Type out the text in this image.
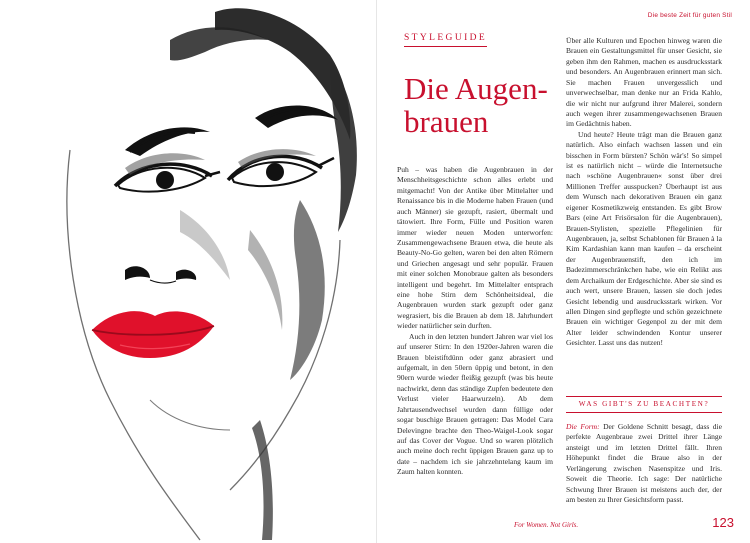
Die beste Zeit für guten Stil
STYLEGUIDE
Die Augen-
brauen

Puh – was haben die Augenbrauen in der Menschheitsgeschichte schon alles erlebt und mitgemacht! Von der Antike über Mittelalter und Renaissance bis in die Moderne haben Frauen (und auch Männer) sie gezupft, rasiert, übermalt und tätowiert. Ihre Form, Fülle und Position waren immer wieder neuen Moden unterworfen: Zusammengewachsene Brauen etwa, die heute als Beauty-No-Go gelten, waren bei den alten Römern und Griechen angesagt und sehr populär. Frauen mit einer solchen Monobraue galten als besonders intelligent und begehrt. Im Mittelalter entsprach eine hohe Stirn dem Schönheitsideal, die Augenbrauen wurden stark gezupft oder ganz wegrasiert, bis die Brauen ab dem 18. Jahrhundert wieder natürlicher sein durften.

Auch in den letzten hundert Jahren war viel los auf unserer Stirn: In den 1920er-Jahren waren die Brauen bleistiftdünn oder ganz abrasiert und aufgemalt, in den 50ern üppig und betont, in den 90ern wurde wieder fleißig gezupft (was bis heute nachwirkt, denn das ständige Zupfen bedeutete den Verlust vieler Haarwurzeln). Ab dem Jahrtausendwechsel wurden dann füllige oder sogar buschige Brauen getragen: Das Model Cara Delevingne brachte den Theo-Waigel-Look sogar auf das Cover der Vogue. Und so waren plötzlich auch meine doch recht üppigen Brauen ganz up to date – nachdem ich sie jahrzehntelang kaum im Zaum halten konnten.

Über alle Kulturen und Epochen hinweg waren die Brauen ein Gestaltungsmittel für unser Gesicht, sie geben ihm den Rahmen, machen es ausdrucksstark und besonders. An Augenbrauen erinnert man sich. Sie machen Frauen unvergesslich und unverwechselbar, man denke nur an Frida Kahlo, die wir nicht nur aufgrund ihrer Malerei, sondern auch wegen ihrer zusammengewachsenen Brauen im Gedächtnis haben.

Und heute? Heute trägt man die Brauen ganz natürlich. Also einfach wachsen lassen und ein bisschen in Form bürsten? Schön wär's! So simpel ist es natürlich nicht – würde die Internetsuche nach »schöne Augenbrauen« sonst über drei Millionen Treffer ausspucken? Überhaupt ist aus dem Wunsch nach dekorativen Brauen ein ganz eigener Kosmetikzweig entstanden. Es gibt Brow Bars (eine Art Frisörsalon für die Augenbrauen), Brauen-Stylisten, spezielle Pflegelinien für Augenbrauen, ja, selbst Schablonen für Brauen à la Kim Kardashian kann man kaufen – da erscheint der Augenbrauenstift, den ich im Badezimmerschränkchen habe, wie ein Relikt aus dem Archaikum der Erdgeschichte. Aber sie sind es auch wert, unsere Brauen, lassen sie doch jedes Gesicht lebendig und ausdrucksstark wirken. Vor allen Dingen sind gepflegte und schön gezeichnete Brauen ein wichtiger Gegenpol zu der mit dem Alter leider schwindenden Kontur unserer Gesichter. Lasst uns das nutzen!

WAS GIBT'S ZU BEACHTEN?

Die Form: Der Goldene Schnitt besagt, dass die perfekte Augenbraue zwei Drittel ihrer Länge ansteigt und im letzten Drittel fällt. Ihren Höhepunkt findet die Braue also in der Verlängerung zwischen Nasenspitze und Iris. Soweit die Theorie. Ich sage: Der natürliche Schwung Ihrer Brauen ist meistens auch der, der am besten zu Ihrer Gesichtsform passt.

For Women. Not Girls.	123
